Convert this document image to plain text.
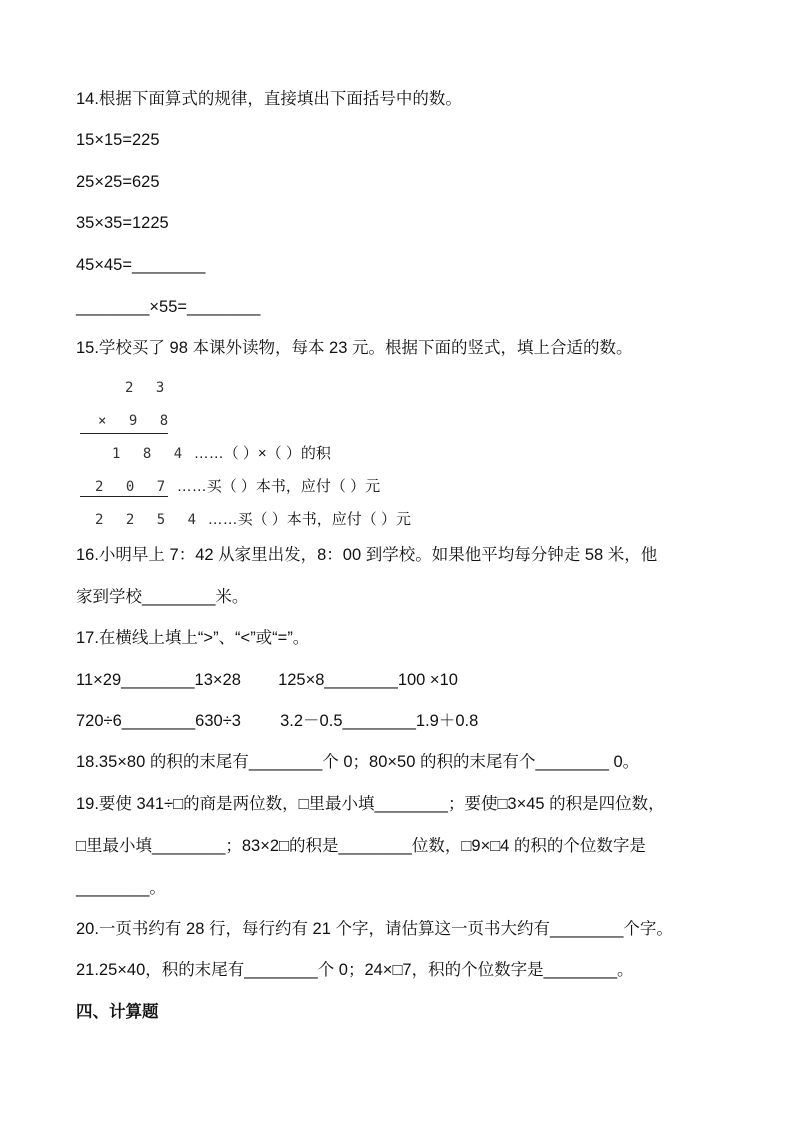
14.根据下面算式的规律，直接填出下面括号中的数。
15×15=225
25×25=625
35×35=1225
45×45=________
________×55=________
15.学校买了 98 本课外读物，每本 23 元。根据下面的竖式，填上合适的数。
2 3
× 9 8
1 8 4 ……（ ）×（ ）的积
2 0 7 ……买（ ）本书，应付（ ）元
2 2 5 4 ……买（ ）本书，应付（ ）元
16.小明早上 7：42 从家里出发，8：00 到学校。如果他平均每分钟走 58 米，他
家到学校________米。
17.在横线上填上“>”、“<”或“=”。
11×29________13×28 125×8________100 ×10
720÷6________630÷3 3.2－0.5________1.9＋0.8
18.35×80 的积的末尾有________个 0；80×50 的积的末尾有个________ 0。
19.要使 341÷□的商是两位数，□里最小填________；要使□3×45 的积是四位数，
□里最小填________；83×2□的积是________位数，□9×□4 的积的个位数字是
________。
20.一页书约有 28 行，每行约有 21 个字，请估算这一页书大约有________个字。
21.25×40，积的末尾有________个 0；24×□7，积的个位数字是________。
四、计算题
